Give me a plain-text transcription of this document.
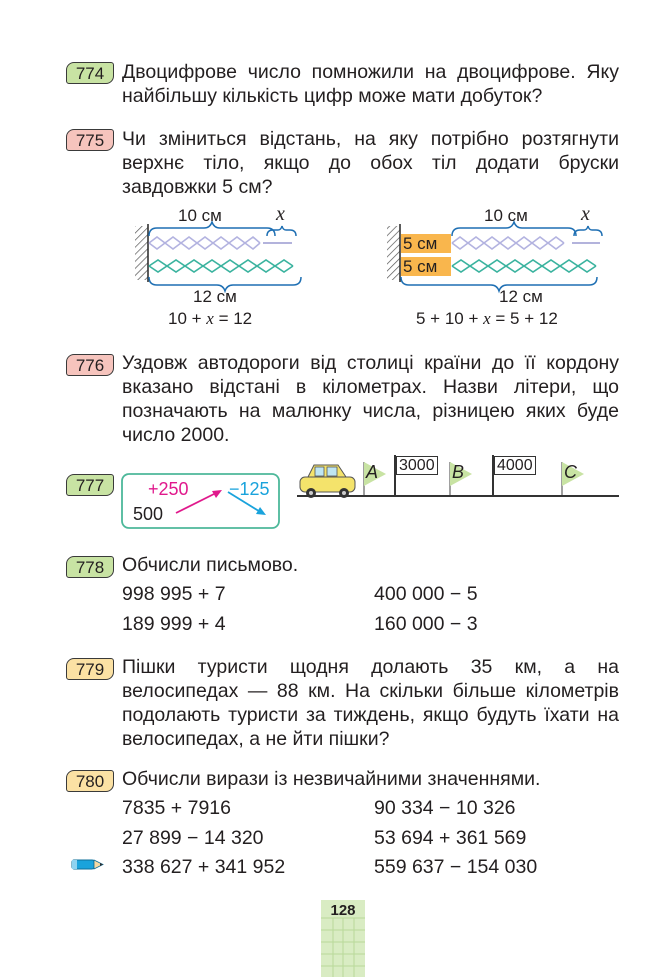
774 Двоцифрове число помножили на двоцифрове. Яку найбільшу кількість цифр може мати добуток?
775 Чи зміниться відстань, на яку потрібно розтягнути верхнє тіло, якщо до обох тіл додати бруски завдовжки 5 см?
10 см	x
12 см
10 + x = 12
5 см
5 см
10 см	x
12 см
5 + 10 + x = 5 + 12
776 Уздовж автодороги від столиці країни до її кордону вказано відстані в кілометрах. Назви літери, що позначають на малюнку числа, різницею яких буде число 2000.
777	+250 −125
500
A	B	C
3000	4000
778 Обчисли письмово.
998 995 + 7	400 000 − 5
189 999 + 4	160 000 − 3
779 Пішки туристи щодня долають 35 км, а на велосипедах — 88 км. На скільки більше кілометрів подолають туристи за тиждень, якщо будуть їхати на велосипедах, а не йти пішки?
780 Обчисли вирази із незвичайними значеннями.
7835 + 7916	90 334 − 10 326
27 899 − 14 320	53 694 + 361 569
338 627 + 341 952	559 637 − 154 030
128
